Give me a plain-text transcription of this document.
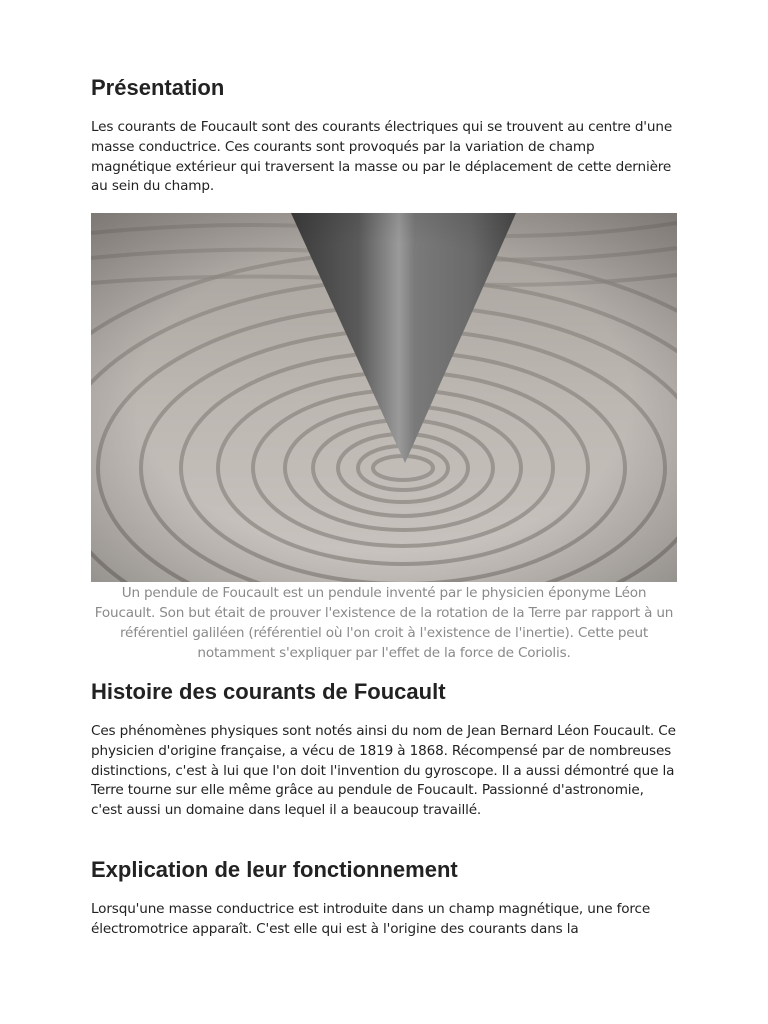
Présentation

Les courants de Foucault sont des courants électriques qui se trouvent au centre d'une masse conductrice. Ces courants sont provoqués par la variation de champ magnétique extérieur qui traversent la masse ou par le déplacement de cette dernière au sein du champ.

Un pendule de Foucault est un pendule inventé par le physicien éponyme Léon Foucault. Son but était de prouver l'existence de la rotation de la Terre par rapport à un référentiel galiléen (référentiel où l'on croit à l'existence de l'inertie). Cette peut notamment s'expliquer par l'effet de la force de Coriolis.

Histoire des courants de Foucault

Ces phénomènes physiques sont notés ainsi du nom de Jean Bernard Léon Foucault. Ce physicien d'origine française, a vécu de 1819 à 1868. Récompensé par de nombreuses distinctions, c'est à lui que l'on doit l'invention du gyroscope. Il a aussi démontré que la Terre tourne sur elle même grâce au pendule de Foucault. Passionné d'astronomie, c'est aussi un domaine dans lequel il a beaucoup travaillé.

Explication de leur fonctionnement

Lorsqu'une masse conductrice est introduite dans un champ magnétique, une force électromotrice apparaît. C'est elle qui est à l'origine des courants dans la
